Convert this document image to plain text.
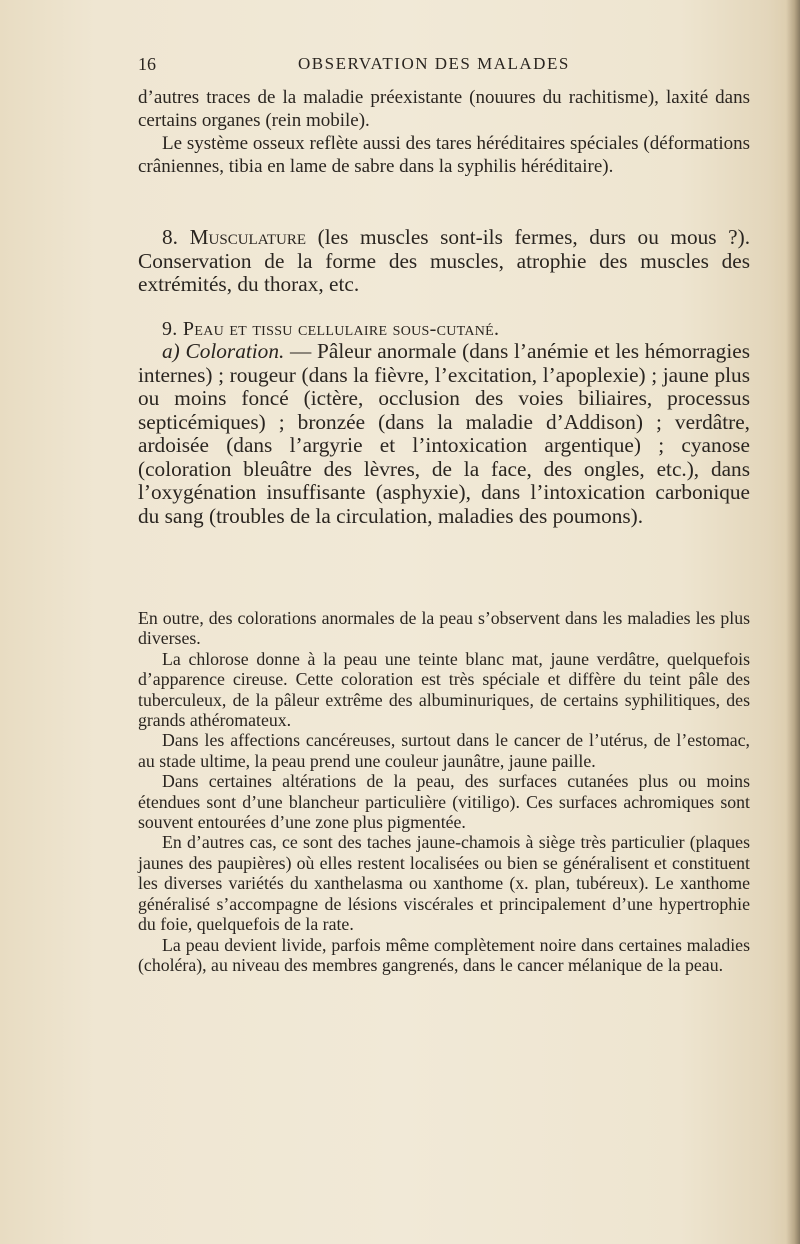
16	OBSERVATION DES MALADES

d’autres traces de la maladie préexistante (nouures du rachitisme), laxité dans certains organes (rein mobile).

Le système osseux reflète aussi des tares héréditaires spéciales (déformations crâniennes, tibia en lame de sabre dans la syphilis héréditaire).

8. Musculature (les muscles sont-ils fermes, durs ou mous ?). Conservation de la forme des muscles, atrophie des muscles des extrémités, du thorax, etc.

9. Peau et tissu cellulaire sous-cutané.

a) Coloration. — Pâleur anormale (dans l’anémie et les hémorragies internes) ; rougeur (dans la fièvre, l’excitation, l’apoplexie) ; jaune plus ou moins foncé (ictère, occlusion des voies biliaires, processus septicémiques) ; bronzée (dans la maladie d’Addison) ; verdâtre, ardoisée (dans l’argyrie et l’intoxication argentique) ; cyanose (coloration bleuâtre des lèvres, de la face, des ongles, etc.), dans l’oxygénation insuffisante (asphyxie), dans l’intoxication carbonique du sang (troubles de la circulation, maladies des poumons).

En outre, des colorations anormales de la peau s’observent dans les maladies les plus diverses.

La chlorose donne à la peau une teinte blanc mat, jaune verdâtre, quelquefois d’apparence cireuse. Cette coloration est très spéciale et diffère du teint pâle des tuberculeux, de la pâleur extrême des albuminuriques, de certains syphilitiques, des grands athéromateux.

Dans les affections cancéreuses, surtout dans le cancer de l’utérus, de l’estomac, au stade ultime, la peau prend une couleur jaunâtre, jaune paille.

Dans certaines altérations de la peau, des surfaces cutanées plus ou moins étendues sont d’une blancheur particulière (vitiligo). Ces surfaces achromiques sont souvent entourées d’une zone plus pigmentée.

En d’autres cas, ce sont des taches jaune-chamois à siège très particulier (plaques jaunes des paupières) où elles restent localisées ou bien se généralisent et constituent les diverses variétés du xanthelasma ou xanthome (x. plan, tubéreux). Le xanthome généralisé s’accompagne de lésions viscérales et principalement d’une hypertrophie du foie, quelquefois de la rate.

La peau devient livide, parfois même complètement noire dans certaines maladies (choléra), au niveau des membres gangrenés, dans le cancer mélanique de la peau.
